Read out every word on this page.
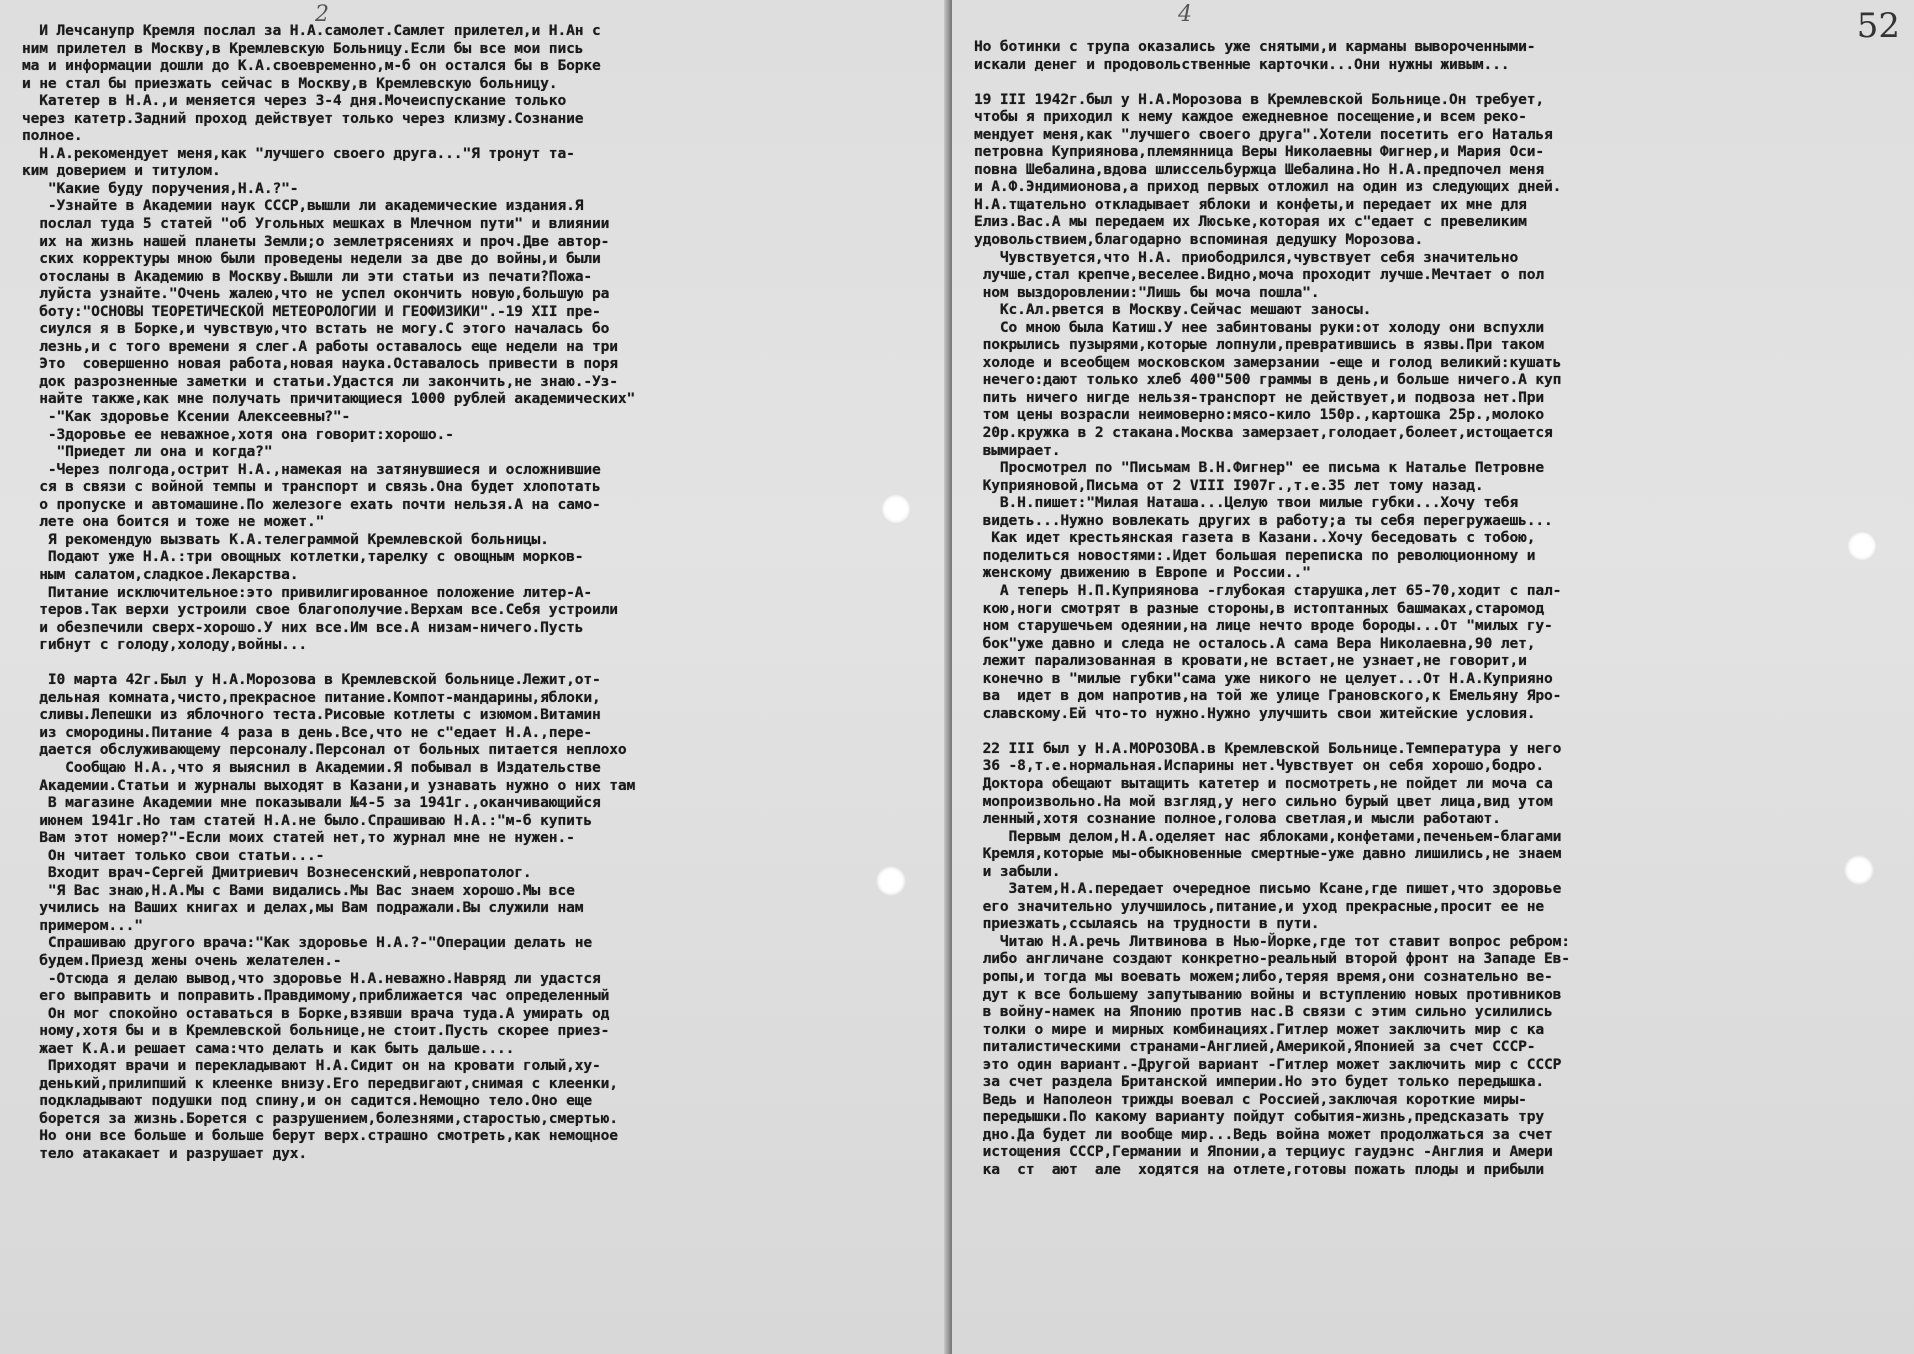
2
И Лечсанупр Кремля послал за Н.А.самолет.Самлет прилетел,и Н.Ан с
ним прилетел в Москву,в Кремлевскую Больницу.Если бы все мои пись
ма и информации дошли до К.А.своевременно,м-б он остался бы в Борке
и не стал бы приезжать сейчас в Москву,в Кремлевскую больницу.
Катетер в Н.А.,и меняется через 3-4 дня.Мочеиспускание только
через катетр.Задний проход действует только через клизму.Сознание
полное.
Н.А.рекомендует меня,как "лучшего своего друга..."Я тронут та-
ким доверием и титулом.
"Какие буду поручения,Н.А.?"-
-Узнайте в Академии наук СССР,вышли ли академические издания.Я
послал туда 5 статей "об Угольных мешках в Млечном пути" и влиянии
их на жизнь нашей планеты Земли;о землетрясениях и проч.Две автор-
ских корректуры мною были проведены недели за две до войны,и были
отосланы в Академию в Москву.Вышли ли эти статьи из печати?Пожа-
луйста узнайте."Очень жалею,что не успел окончить новую,большую ра
боту:"ОСНОВЫ ТЕОРЕТИЧЕСКОЙ МЕТЕОРОЛОГИИ И ГЕОФИЗИКИ".-19 XII пре-
сиулся я в Борке,и чувствую,что встать не могу.С этого началась бо
лезнь,и с того времени я слег.А работы оставалось еще недели на три
Это  совершенно новая работа,новая наука.Оставалось привести в поря
док разрозненные заметки и статьи.Удастся ли закончить,не знаю.-Уз-
найте также,как мне получать причитающиеся 1000 рублей академических"
-"Как здоровье Ксении Алексеевны?"-
-Здоровье ее неважное,хотя она говорит:хорошо.-
"Приедет ли она и когда?"
-Через полгода,острит Н.А.,намекая на затянувшиеся и осложнившие
ся в связи с войной темпы и транспорт и связь.Она будет хлопотать
о пропуске и автомашине.По железоге ехать почти нельзя.А на само-
лете она боится и тоже не может."
Я рекомендую вызвать К.А.телеграммой Кремлевской больницы.
Подают уже Н.А.:три овощных котлетки,тарелку с овощным морков-
ным салатом,сладкое.Лекарства.
Питание исключительное:это привилигированное положение литер-А-
теров.Так верхи устроили свое благополучие.Верхам все.Себя устроили
и обезпечили сверх-хорошо.У них все.Им все.А низам-ничего.Пусть
гибнут с голоду,холоду,войны...
I0 марта 42г.Был у Н.А.Морозова в Кремлевской больнице.Лежит,от-
дельная комната,чисто,прекрасное питание.Компот-мандарины,яблоки,
сливы.Лепешки из яблочного теста.Рисовые котлеты с изюмом.Витамин
из смородины.Питание 4 раза в день.Все,что не с"едает Н.А.,пере-
дается обслуживающему персоналу.Персонал от больных питается неплохо
Сообщаю Н.А.,что я выяснил в Академии.Я побывал в Издательстве
Академии.Статьи и журналы выходят в Казани,и узнавать нужно о них там
В магазине Академии мне показывали №4-5 за 1941г.,оканчивающийся
июнем 1941г.Но там статей Н.А.не было.Спрашиваю Н.А.:"м-б купить
Вам этот номер?"-Если моих статей нет,то журнал мне не нужен.-
Он читает только свои статьи...-
Входит врач-Сергей Дмитриевич Вознесенский,невропатолог.
"Я Вас знаю,Н.А.Мы с Вами видались.Мы Вас знаем хорошо.Мы все
учились на Ваших книгах и делах,мы Вам подражали.Вы служили нам
примером..."
Спрашиваю другого врача:"Как здоровье Н.А.?-"Операции делать не
будем.Приезд жены очень желателен.-
-Отсюда я делаю вывод,что здоровье Н.А.неважно.Навряд ли удастся
его выправить и поправить.Правдимому,приближается час определенный
Он мог спокойно оставаться в Борке,взявши врача туда.А умирать од
ному,хотя бы и в Кремлевской больнице,не стоит.Пусть скорее приез-
жает К.А.и решает сама:что делать и как быть дальше....
Приходят врачи и перекладывают Н.А.Сидит он на кровати голый,ху-
денький,прилипший к клеенке внизу.Его передвигают,снимая с клеенки,
подкладывают подушки под спину,и он садится.Немощно тело.Оно еще
борется за жизнь.Борется с разрушением,болезнями,старостью,смертью.
Но они все больше и больше берут верх.страшно смотреть,как немощное
тело атакакает и разрушает дух.
4	52
Но ботинки с трупа оказались уже снятыми,и карманы вывороченными-
искали денег и продовольственные карточки...Они нужны живым...
19 III 1942г.был у Н.А.Морозова в Кремлевской Больнице.Он требует,
чтобы я приходил к нему каждое ежедневное посещение,и всем реко-
мендует меня,как "лучшего своего друга".Хотели посетить его Наталья
петровна Куприянова,племянница Веры Николаевны Фигнер,и Мария Оси-
повна Шебалина,вдова шлиссельбуржца Шебалина.Но Н.А.предпочел меня
и А.Ф.Эндимионова,а приход первых отложил на один из следующих дней.
Н.А.тщательно откладывает яблоки и конфеты,и передает их мне для
Елиз.Вас.А мы передаем их Люське,которая их с"едает с превеликим
удовольствием,благодарно вспоминая дедушку Морозова.
Чувствуется,что Н.А. приободрился,чувствует себя значительно
лучше,стал крепче,веселее.Видно,моча проходит лучше.Мечтает о пол
ном выздоровлении:"Лишь бы моча пошла".
Кс.Ал.рвется в Москву.Сейчас мешают заносы.
Со мною была Катиш.У нее забинтованы руки:от холоду они вспухли
покрылись пузырями,которые лопнули,превратившись в язвы.При таком
холоде и всеобщем московском замерзании -еще и голод великий:кушать
нечего:дают только хлеб 400"500 граммы в день,и больше ничего.А куп
пить ничего нигде нельзя-транспорт не действует,и подвоза нет.При
том цены возрасли неимоверно:мясо-кило 150р.,картошка 25р.,молоко
20р.кружка в 2 стакана.Москва замерзает,голодает,болеет,истощается
вымирает.
Просмотрел по "Письмам В.Н.Фигнер" ее письма к Наталье Петровне
Куприяновой,Письма от 2 VIII I907г.,т.е.35 лет тому назад.
В.Н.пишет:"Милая Наташа...Целую твои милые губки...Хочу тебя
видеть...Нужно вовлекать других в работу;а ты себя перегружаешь...
Как идет крестьянская газета в Казани..Хочу беседовать с тобою,
поделиться новостями:.Идет большая переписка по революционному и
женскому движению в Европе и России.."
А теперь Н.П.Куприянова -глубокая старушка,лет 65-70,ходит с пал-
кою,ноги смотрят в разные стороны,в истоптанных башмаках,старомод
ном старушечьем одеянии,на лице нечто вроде бороды...От "милых гу-
бок"уже давно и следа не осталось.А сама Вера Николаевна,90 лет,
лежит парализованная в кровати,не встает,не узнает,не говорит,и
конечно в "милые губки"сама уже никого не целует...От Н.А.Куприяно
ва  идет в дом напротив,на той же улице Грановского,к Емельяну Яро-
славскому.Ей что-то нужно.Нужно улучшить свои житейские условия.
22 III был у Н.А.МОРОЗОВА.в Кремлевской Больнице.Температура у него
36 -8,т.е.нормальная.Испарины нет.Чувствует он себя хорошо,бодро.
Доктора обещают вытащить катетер и посмотреть,не пойдет ли моча са
мопроизвольно.На мой взгляд,у него сильно бурый цвет лица,вид утом
ленный,хотя сознание полное,голова светлая,и мысли работают.
Первым делом,Н.А.оделяет нас яблоками,конфетами,печеньем-благами
Кремля,которые мы-обыкновенные смертные-уже давно лишились,не знаем
и забыли.
Затем,Н.А.передает очередное письмо Ксане,где пишет,что здоровье
его значительно улучшилось,питание,и уход прекрасные,просит ее не
приезжать,ссылаясь на трудности в пути.
Читаю Н.А.речь Литвинова в Нью-Йорке,где тот ставит вопрос ребром:
либо англичане создают конкретно-реальный второй фронт на Западе Ев-
ропы,и тогда мы воевать можем;либо,теряя время,они сознательно ве-
дут к все большему запутыванию войны и вступлению новых противников
в войну-намек на Японию против нас.В связи с этим сильно усилились
толки о мире и мирных комбинациях.Гитлер может заключить мир с ка
питалистическими странами-Англией,Америкой,Японией за счет СССР-
это один вариант.-Другой вариант -Гитлер может заключить мир с СССР
за счет раздела Британской империи.Но это будет только передышка.
Ведь и Наполеон трижды воевал с Россией,заключая короткие миры-
передышки.По какому варианту пойдут события-жизнь,предсказать тру
дно.Да будет ли вообще мир...Ведь война может продолжаться за счет
истощения СССР,Германии и Японии,а терциус гаудэнс -Англия и Амери
ка  ст  ают  але  ходятся на отлете,готовы пожать плоды и прибыли
